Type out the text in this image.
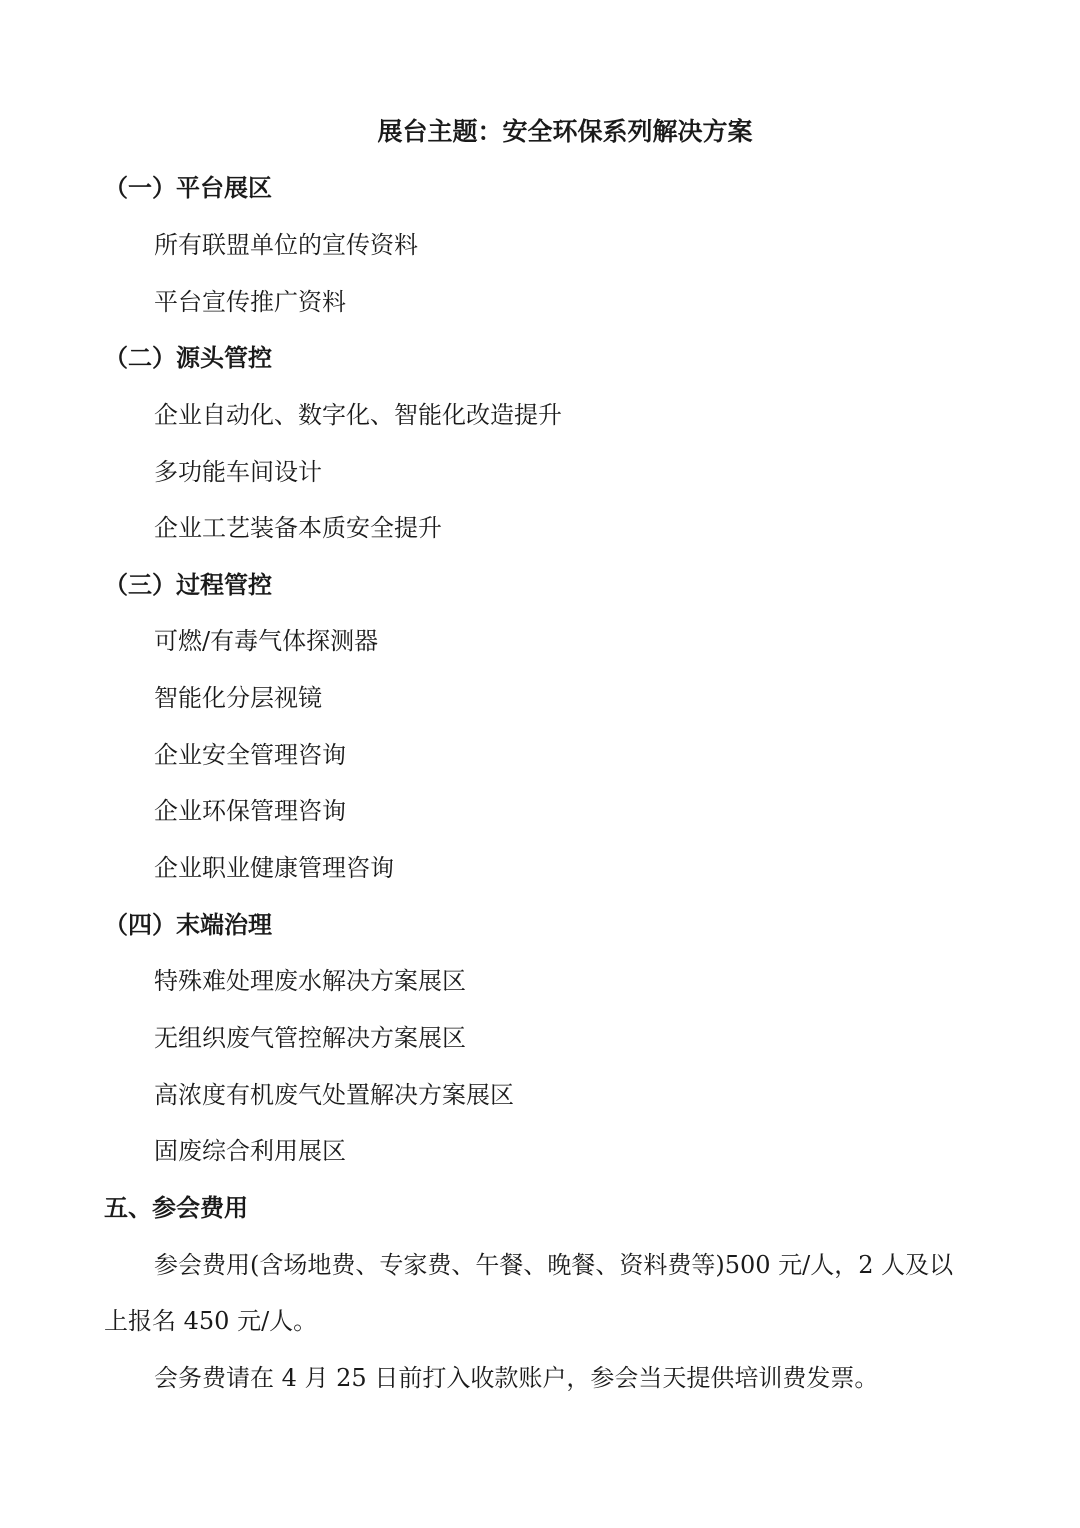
展台主题：安全环保系列解决方案
（一）平台展区
所有联盟单位的宣传资料
平台宣传推广资料
（二）源头管控
企业自动化、数字化、智能化改造提升
多功能车间设计
企业工艺装备本质安全提升
（三）过程管控
可燃/有毒气体探测器
智能化分层视镜
企业安全管理咨询
企业环保管理咨询
企业职业健康管理咨询
（四）末端治理
特殊难处理废水解决方案展区
无组织废气管控解决方案展区
高浓度有机废气处置解决方案展区
固废综合利用展区
五、参会费用
参会费用(含场地费、专家费、午餐、晚餐、资料费等)500 元/人，2 人及以
上报名 450 元/人。
会务费请在 4 月 25 日前打入收款账户，参会当天提供培训费发票。
